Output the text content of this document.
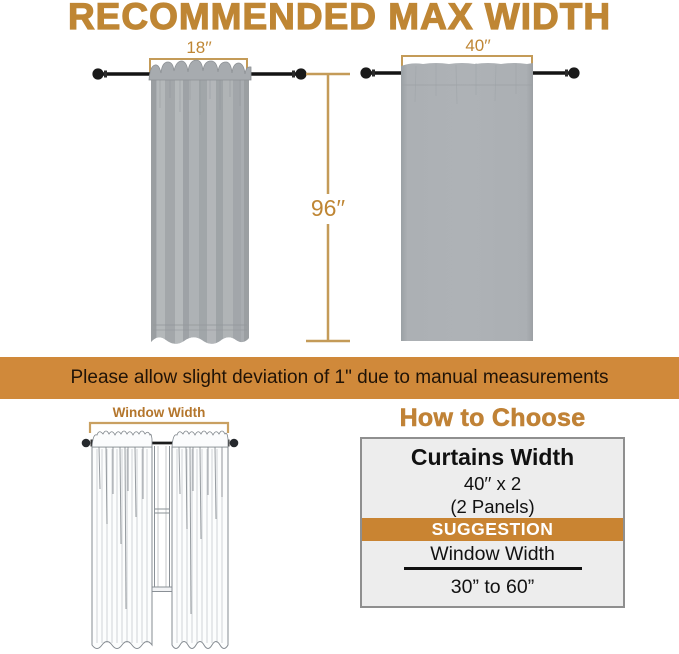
RECOMMENDED MAX WIDTH
18′′
96′′
40′′
Please allow slight deviation of 1" due to manual measurements
Window Width	How to Choose
Curtains Width
40′′ x 2
(2 Panels)
SUGGESTION
Window Width
30” to 60”
